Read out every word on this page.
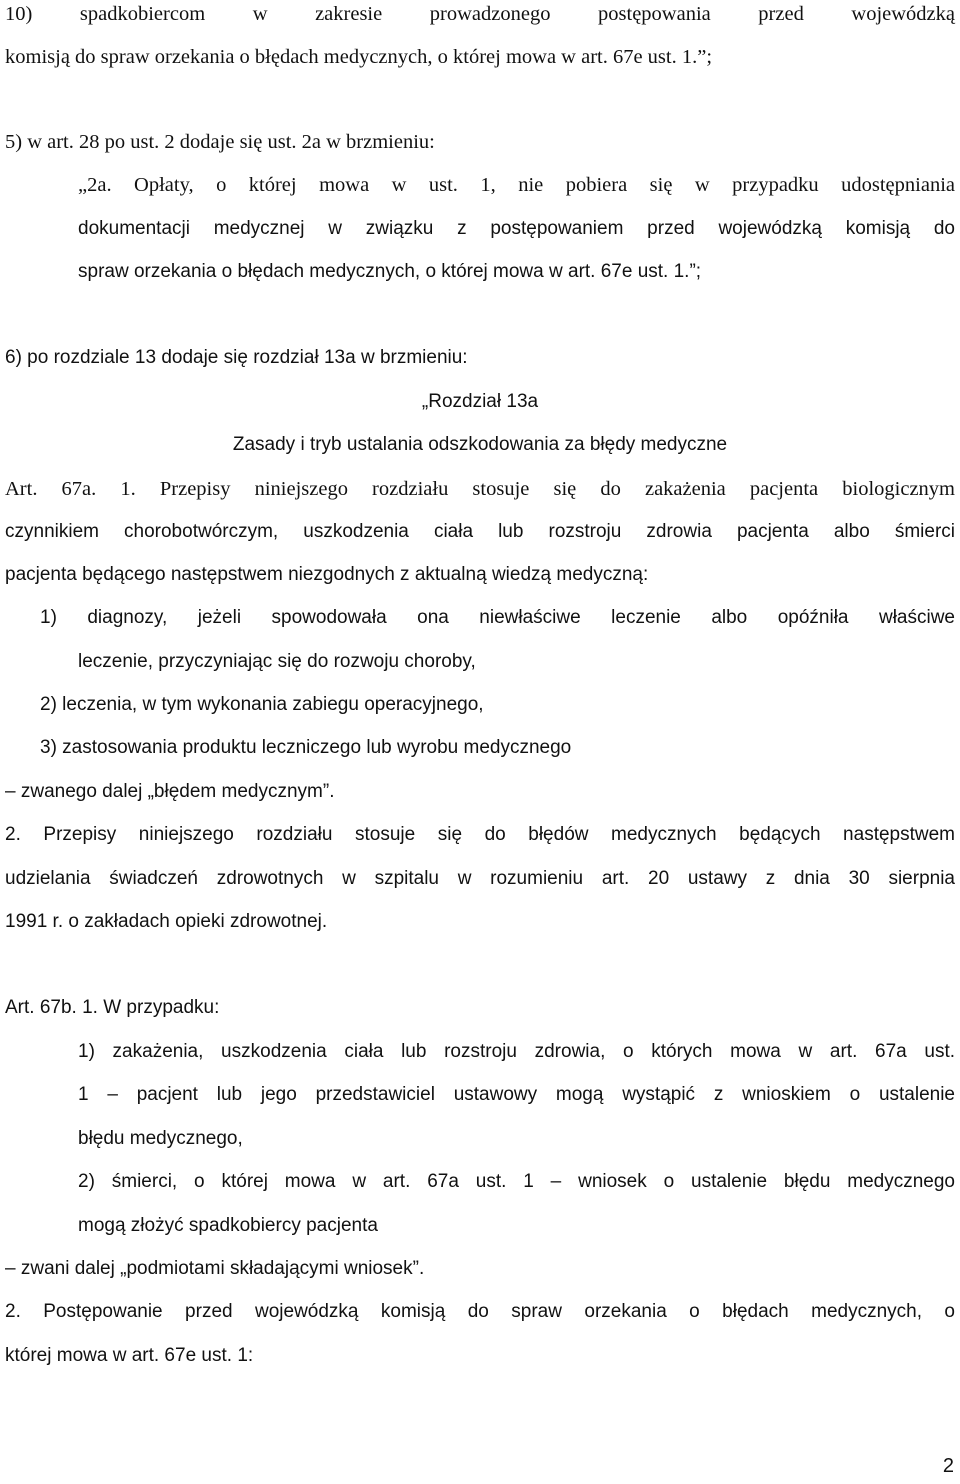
10) spadkobiercom w zakresie prowadzonego postępowania przed wojewódzką
komisją do spraw orzekania o błędach medycznych, o której mowa w art. 67e ust. 1.”;
5) w art. 28 po ust. 2 dodaje się ust. 2a w brzmieniu:
„2a. Opłaty, o której mowa w ust. 1, nie pobiera się w przypadku udostępniania
dokumentacji medycznej w związku z postępowaniem przed wojewódzką komisją do
spraw orzekania o błędach medycznych, o której mowa w art. 67e ust. 1.”;
6) po rozdziale 13 dodaje się rozdział 13a w brzmieniu:
„Rozdział 13a
Zasady i tryb ustalania odszkodowania za błędy medyczne
Art. 67a. 1. Przepisy niniejszego rozdziału stosuje się do zakażenia pacjenta biologicznym
czynnikiem chorobotwórczym, uszkodzenia ciała lub rozstroju zdrowia pacjenta albo śmierci
pacjenta będącego następstwem niezgodnych z aktualną wiedzą medyczną:
1) diagnozy, jeżeli spowodowała ona niewłaściwe leczenie albo opóźniła właściwe
leczenie, przyczyniając się do rozwoju choroby,
2) leczenia, w tym wykonania zabiegu operacyjnego,
3) zastosowania produktu leczniczego lub wyrobu medycznego
– zwanego dalej „błędem medycznym”.
2. Przepisy niniejszego rozdziału stosuje się do błędów medycznych będących następstwem
udzielania świadczeń zdrowotnych w szpitalu w rozumieniu art. 20 ustawy z dnia 30 sierpnia
1991 r. o zakładach opieki zdrowotnej.
Art. 67b. 1. W przypadku:
1) zakażenia, uszkodzenia ciała lub rozstroju zdrowia, o których mowa w art. 67a ust.
1 – pacjent lub jego przedstawiciel ustawowy mogą wystąpić z wnioskiem o ustalenie
błędu medycznego,
2) śmierci, o której mowa w art. 67a ust. 1 – wniosek o ustalenie błędu medycznego
mogą złożyć spadkobiercy pacjenta
– zwani dalej „podmiotami składającymi wniosek”.
2. Postępowanie przed wojewódzką komisją do spraw orzekania o błędach medycznych, o
której mowa w art. 67e ust. 1:
2
